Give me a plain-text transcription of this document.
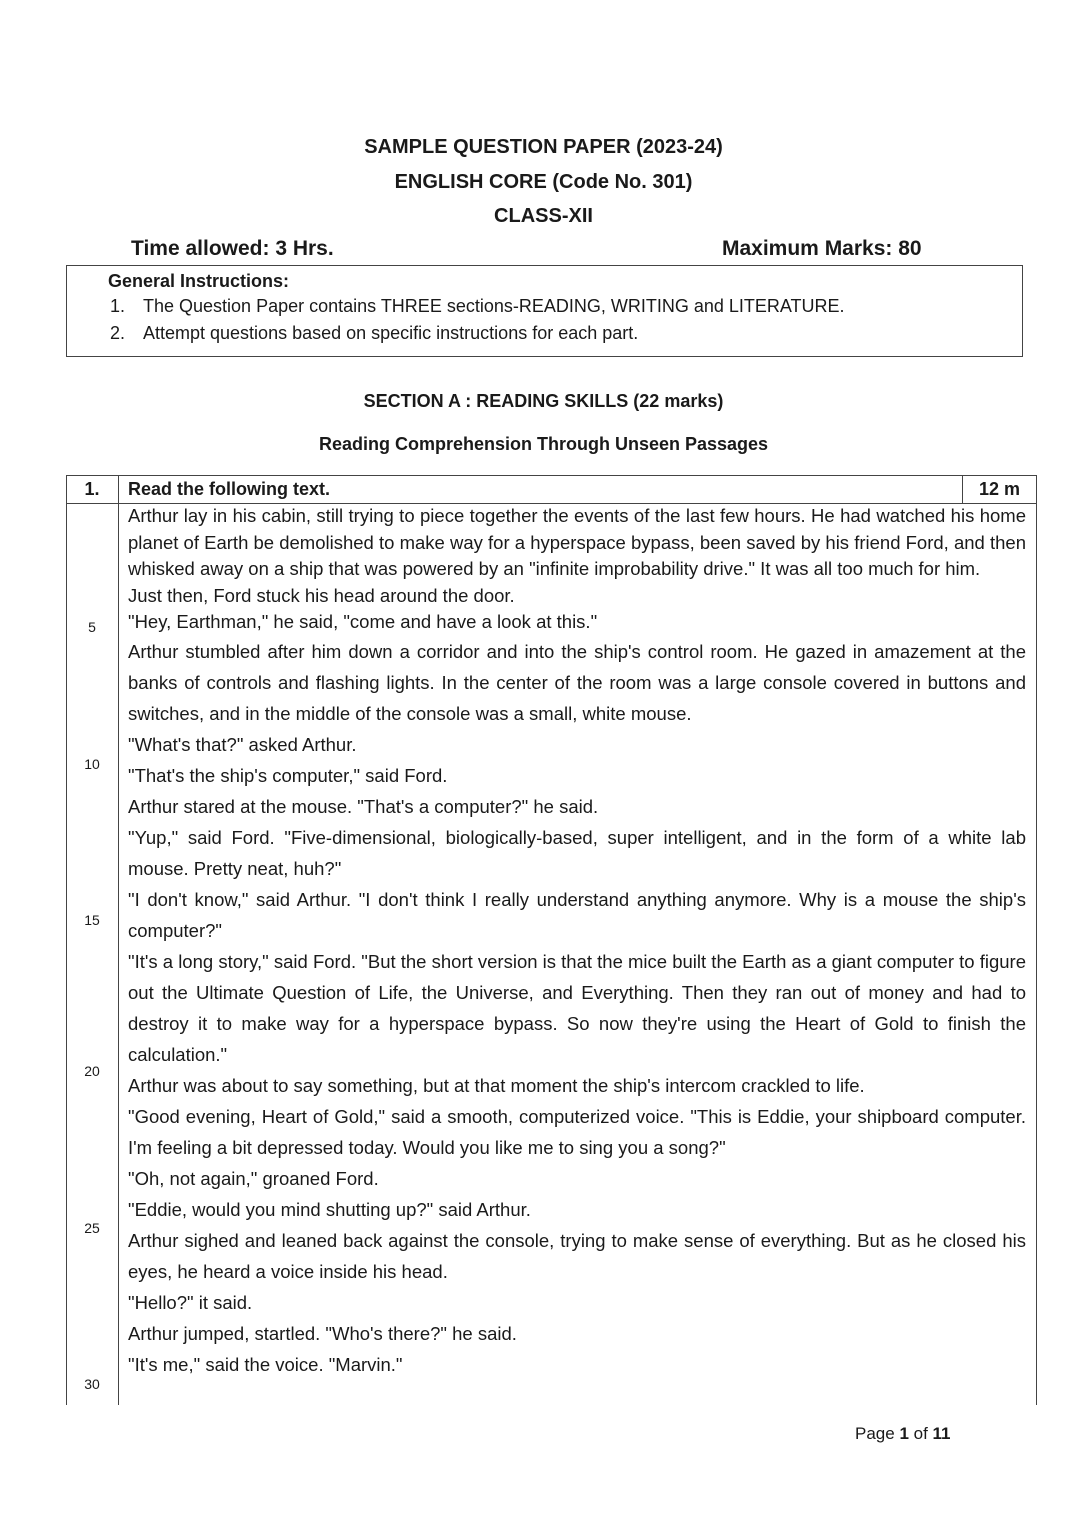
SAMPLE QUESTION PAPER (2023-24)
ENGLISH CORE (Code No. 301)
CLASS-XII
Time allowed: 3 Hrs.	Maximum Marks: 80
General Instructions:
1. The Question Paper contains THREE sections-READING, WRITING and LITERATURE.
2. Attempt questions based on specific instructions for each part.
SECTION A : READING SKILLS (22 marks)
Reading Comprehension Through Unseen Passages
1.	Read the following text.	12 m
5
10
15
20
25
30

Arthur lay in his cabin, still trying to piece together the events of the last few hours. He had watched his home planet of Earth be demolished to make way for a hyperspace bypass, been saved by his friend Ford, and then whisked away on a ship that was powered by an "infinite improbability drive." It was all too much for him.

Just then, Ford stuck his head around the door.

"Hey, Earthman," he said, "come and have a look at this."

Arthur stumbled after him down a corridor and into the ship's control room. He gazed in amazement at the banks of controls and flashing lights. In the center of the room was a large console covered in buttons and switches, and in the middle of the console was a small, white mouse.

"What's that?" asked Arthur.

"That's the ship's computer," said Ford.

Arthur stared at the mouse. "That's a computer?" he said.

"Yup," said Ford. "Five-dimensional, biologically-based, super intelligent, and in the form of a white lab mouse. Pretty neat, huh?"

"I don't know," said Arthur. "I don't think I really understand anything anymore. Why is a mouse the ship's computer?"

"It's a long story," said Ford. "But the short version is that the mice built the Earth as a giant computer to figure out the Ultimate Question of Life, the Universe, and Everything. Then they ran out of money and had to destroy it to make way for a hyperspace bypass. So now they're using the Heart of Gold to finish the calculation."

Arthur was about to say something, but at that moment the ship's intercom crackled to life.

"Good evening, Heart of Gold," said a smooth, computerized voice. "This is Eddie, your shipboard computer. I'm feeling a bit depressed today. Would you like me to sing you a song?"

"Oh, not again," groaned Ford.

"Eddie, would you mind shutting up?" said Arthur.

Arthur sighed and leaned back against the console, trying to make sense of everything. But as he closed his eyes, he heard a voice inside his head.

"Hello?" it said.

Arthur jumped, startled. "Who's there?" he said.

"It's me," said the voice. "Marvin."

Page 1 of 11
